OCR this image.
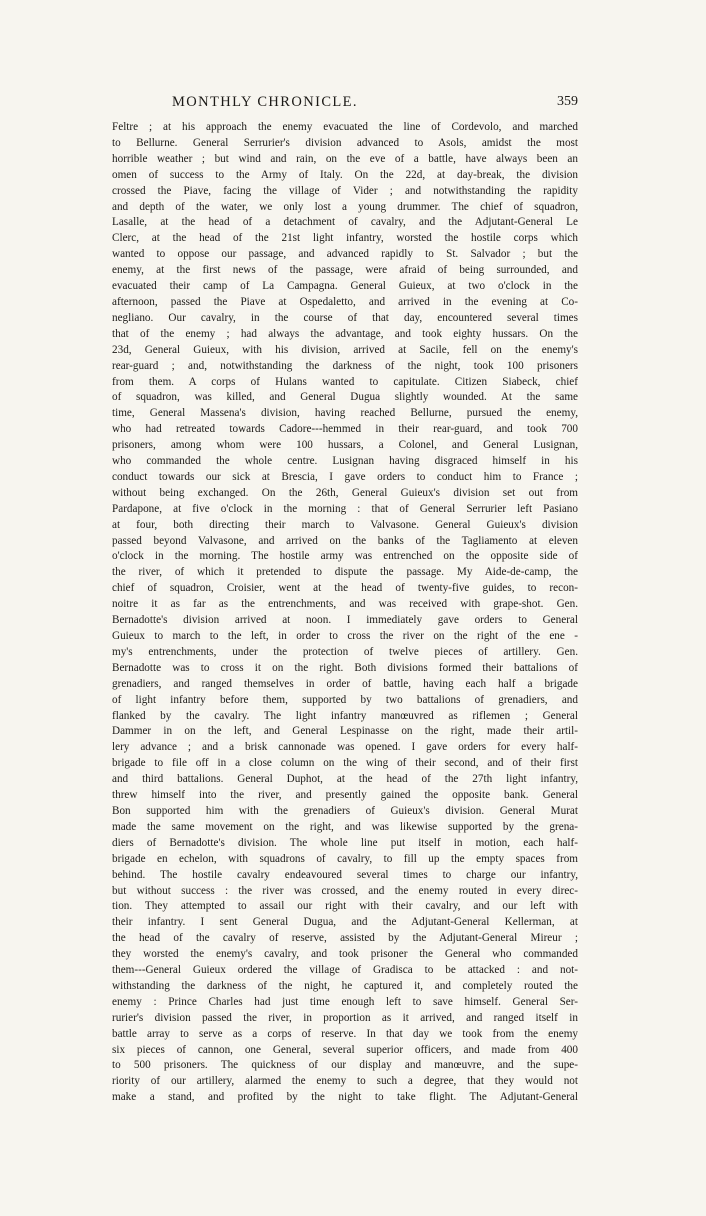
MONTHLY CHRONICLE.	359

Feltre ; at his approach the enemy evacuated the line of Cordevolo, and marched
to Bellurne. General Serrurier's division advanced to Asols, amidst the most
horrible weather ; but wind and rain, on the eve of a battle, have always been an
omen of success to the Army of Italy. On the 22d, at day-break, the division
crossed the Piave, facing the village of Vider ; and notwithstanding the rapidity
and depth of the water, we only lost a young drummer. The chief of squadron,
Lasalle, at the head of a detachment of cavalry, and the Adjutant-General Le
Clerc, at the head of the 21st light infantry, worsted the hostile corps which
wanted to oppose our passage, and advanced rapidly to St. Salvador ; but the
enemy, at the first news of the passage, were afraid of being surrounded, and
evacuated their camp of La Campagna. General Guieux, at two o'clock in the
afternoon, passed the Piave at Ospedaletto, and arrived in the evening at Co-
negliano. Our cavalry, in the course of that day, encountered several times
that of the enemy ; had always the advantage, and took eighty hussars. On the
23d, General Guieux, with his division, arrived at Sacile, fell on the enemy's
rear-guard ; and, notwithstanding the darkness of the night, took 100 prisoners
from them. A corps of Hulans wanted to capitulate. Citizen Siabeck, chief
of squadron, was killed, and General Dugua slightly wounded. At the same
time, General Massena's division, having reached Bellurne, pursued the enemy,
who had retreated towards Cadore---hemmed in their rear-guard, and took 700
prisoners, among whom were 100 hussars, a Colonel, and General Lusignan,
who commanded the whole centre. Lusignan having disgraced himself in his
conduct towards our sick at Brescia, I gave orders to conduct him to France ;
without being exchanged. On the 26th, General Guieux's division set out from
Pardapone, at five o'clock in the morning : that of General Serrurier left Pasiano
at four, both directing their march to Valvasone. General Guieux's division
passed beyond Valvasone, and arrived on the banks of the Tagliamento at eleven
o'clock in the morning. The hostile army was entrenched on the opposite side of
the river, of which it pretended to dispute the passage. My Aide-de-camp, the
chief of squadron, Croisier, went at the head of twenty-five guides, to recon-
noitre it as far as the entrenchments, and was received with grape-shot. Gen.
Bernadotte's division arrived at noon. I immediately gave orders to General
Guieux to march to the left, in order to cross the river on the right of the ene -
my's entrenchments, under the protection of twelve pieces of artillery. Gen.
Bernadotte was to cross it on the right. Both divisions formed their battalions of
grenadiers, and ranged themselves in order of battle, having each half a brigade
of light infantry before them, supported by two battalions of grenadiers, and
flanked by the cavalry. The light infantry manœuvred as riflemen ; General
Dammer in on the left, and General Lespinasse on the right, made their artil-
lery advance ; and a brisk cannonade was opened. I gave orders for every half-
brigade to file off in a close column on the wing of their second, and of their first
and third battalions. General Duphot, at the head of the 27th light infantry,
threw himself into the river, and presently gained the opposite bank. General
Bon supported him with the grenadiers of Guieux's division. General Murat
made the same movement on the right, and was likewise supported by the grena-
diers of Bernadotte's division. The whole line put itself in motion, each half-
brigade en echelon, with squadrons of cavalry, to fill up the empty spaces from
behind. The hostile cavalry endeavoured several times to charge our infantry,
but without success : the river was crossed, and the enemy routed in every direc-
tion. They attempted to assail our right with their cavalry, and our left with
their infantry. I sent General Dugua, and the Adjutant-General Kellerman, at
the head of the cavalry of reserve, assisted by the Adjutant-General Mireur ;
they worsted the enemy's cavalry, and took prisoner the General who commanded
them---General Guieux ordered the village of Gradisca to be attacked : and not-
withstanding the darkness of the night, he captured it, and completely routed the
enemy : Prince Charles had just time enough left to save himself. General Ser-
rurier's division passed the river, in proportion as it arrived, and ranged itself in
battle array to serve as a corps of reserve. In that day we took from the enemy
six pieces of cannon, one General, several superior officers, and made from 400
to 500 prisoners. The quickness of our display and manœuvre, and the supe-
riority of our artillery, alarmed the enemy to such a degree, that they would not
make a stand, and profited by the night to take flight. The Adjutant-General
